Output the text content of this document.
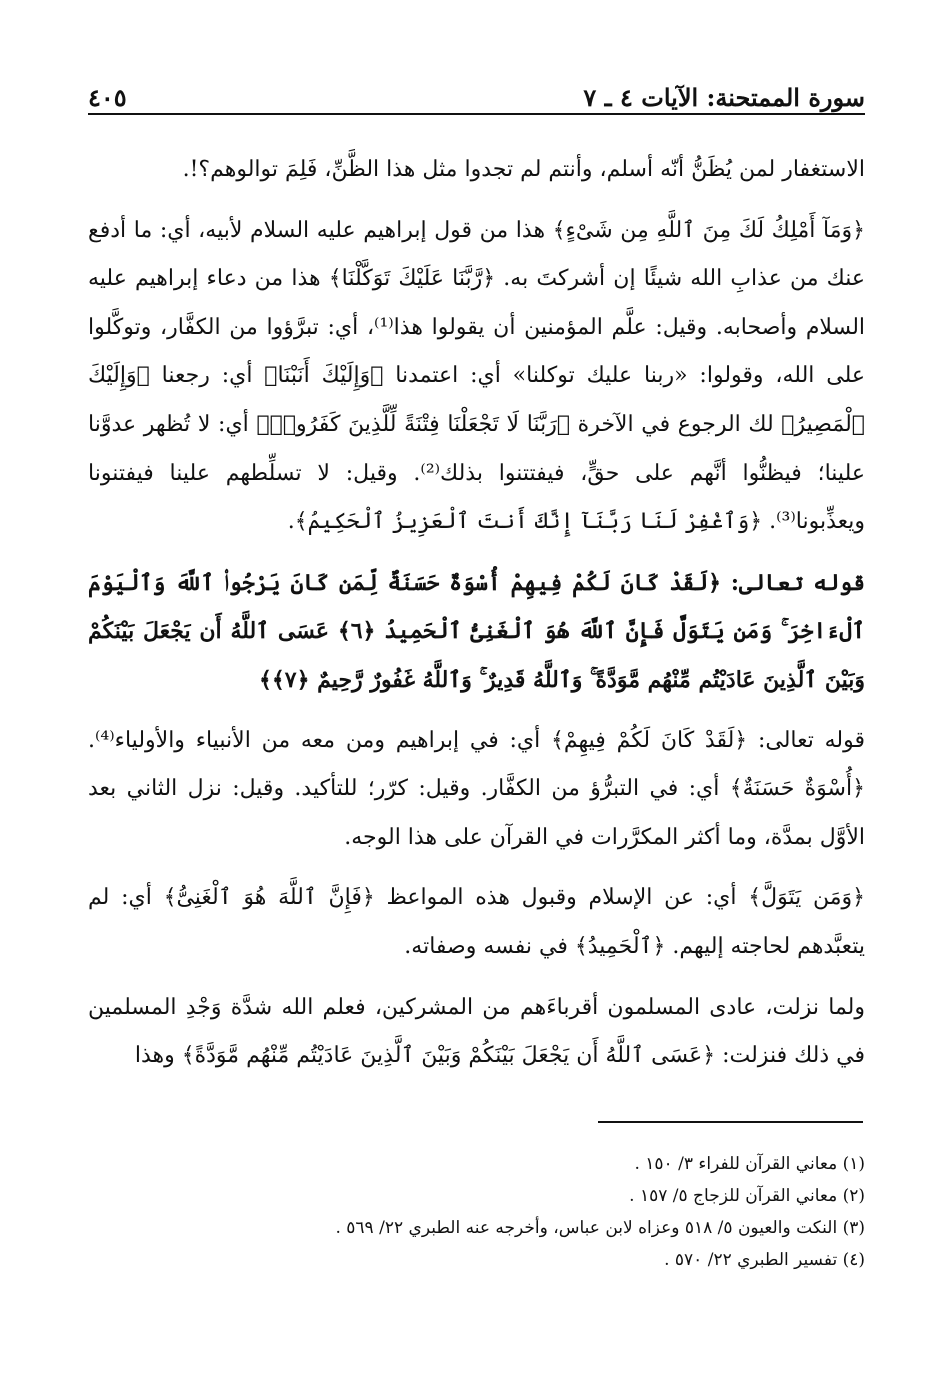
سورة الممتحنة: الآيات ٤ ـ ٧
٤٠٥

الاستغفار لمن يُظَنُّ أنّه أسلم، وأنتم لم تجدوا مثل هذا الظَّنِّ، فَلِمَ توالوهم؟!.

﴿وَمَآ أَمْلِكُ لَكَ مِنَ ٱللَّهِ مِن شَىْءٍ﴾ هذا من قول إبراهيم عليه السلام لأبيه، أي: ما أدفع عنك من عذابِ الله شيئًا إن أشركتَ به. ﴿رَّبَّنَا عَلَيْكَ تَوَكَّلْنَا﴾ هذا من دعاء إبراهيم عليه السلام وأصحابه. وقيل: علَّم المؤمنين أن يقولوا هذا⁽¹⁾، أي: تبرَّؤوا من الكفَّار، وتوكَّلوا على الله، وقولوا: «ربنا عليك توكلنا» أي: اعتمدنا ﴿وَإِلَيْكَ أَنَبْنَا﴾ أي: رجعنا ﴿وَإِلَيْكَ ٱلْمَصِيرُ﴾ لك الرجوع في الآخرة ﴿رَبَّنَا لَا تَجْعَلْنَا فِتْنَةً لِّلَّذِينَ كَفَرُوا۟﴾ أي: لا تُظهر عدوَّنا علينا؛ فيظنُّوا أنَّهم على حقٍّ، فيفتتنوا بذلك⁽²⁾. وقيل: لا تسلِّطهم علينا فيفتنونا ويعذِّبونا⁽³⁾. ﴿وَٱغْفِرْ لَنَا رَبَّنَآ إِنَّكَ أَنتَ ٱلْعَزِيزُ ٱلْحَكِيمُ﴾.

قوله تعالى: ﴿لَقَدْ كَانَ لَكُمْ فِيهِمْ أُسْوَةٌ حَسَنَةٌ لِّمَن كَانَ يَرْجُوا۟ ٱللَّهَ وَٱلْيَوْمَ ٱلْءَاخِرَ ۚ وَمَن يَتَوَلَّ فَإِنَّ ٱللَّهَ هُوَ ٱلْغَنِىُّ ٱلْحَمِيدُ ﴿٦﴾ عَسَى ٱللَّهُ أَن يَجْعَلَ بَيْنَكُمْ وَبَيْنَ ٱلَّذِينَ عَادَيْتُم مِّنْهُم مَّوَدَّةً ۚ وَٱللَّهُ قَدِيرٌ ۚ وَٱللَّهُ غَفُورٌ رَّحِيمٌ ﴿٧﴾﴾

قوله تعالى: ﴿لَقَدْ كَانَ لَكُمْ فِيهِمْ﴾ أي: في إبراهيم ومن معه من الأنبياء والأولياء⁽⁴⁾. ﴿أُسْوَةٌ حَسَنَةٌ﴾ أي: في التبرُّؤ من الكفَّار. وقيل: كرّر؛ للتأكيد. وقيل: نزل الثاني بعد الأوَّل بمدَّة، وما أكثر المكرَّرات في القرآن على هذا الوجه.

﴿وَمَن يَتَوَلَّ﴾ أي: عن الإسلام وقبول هذه المواعظ ﴿فَإِنَّ ٱللَّهَ هُوَ ٱلْغَنِىُّ﴾ أي: لم يتعبَّدهم لحاجته إليهم. ﴿ٱلْحَمِيدُ﴾ في نفسه وصفاته.

ولما نزلت، عادى المسلمون أقرباءَهم من المشركين، فعلم الله شدَّة وَجْدِ المسلمين في ذلك فنزلت: ﴿عَسَى ٱللَّهُ أَن يَجْعَلَ بَيْنَكُمْ وَبَيْنَ ٱلَّذِينَ عَادَيْتُم مِّنْهُم مَّوَدَّةً﴾ وهذا

(١) معاني القرآن للفراء ٣/ ١٥٠ .
(٢) معاني القرآن للزجاج ٥/ ١٥٧ .
(٣) النكت والعيون ٥/ ٥١٨ وعزاه لابن عباس، وأخرجه عنه الطبري ٢٢/ ٥٦٩ .
(٤) تفسير الطبري ٢٢/ ٥٧٠ .
